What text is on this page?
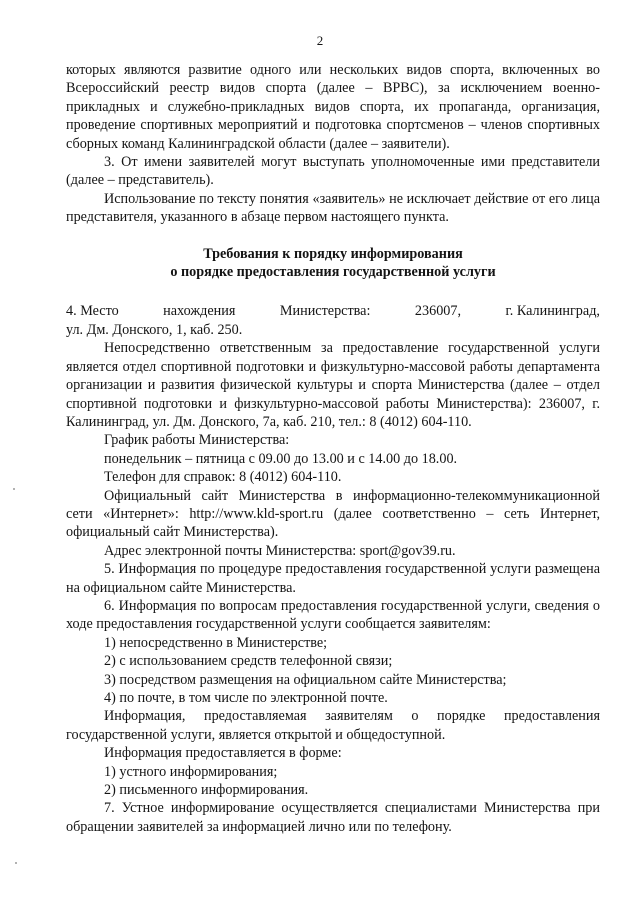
2

которых являются развитие одного или нескольких видов спорта, включенных во Всероссийский реестр видов спорта (далее – ВРВС), за исключением военно-прикладных и служебно-прикладных видов спорта, их пропаганда, организация, проведение спортивных мероприятий и подготовка спортсменов – членов спортивных сборных команд Калининградской области (далее – заявители).

3. От имени заявителей могут выступать уполномоченные ими представители (далее – представитель).

Использование по тексту понятия «заявитель» не исключает действие от его лица представителя, указанного в абзаце первом настоящего пункта.

Требования к порядку информирования
о порядке предоставления государственной услуги
4. Место	нахождения	Министерства:	236007,	г. Калининград,

ул. Дм. Донского, 1, каб. 250.

Непосредственно ответственным за предоставление государственной услуги является отдел спортивной подготовки и физкультурно-массовой работы департамента организации и развития физической культуры и спорта Министерства (далее – отдел спортивной подготовки и физкультурно-массовой работы Министерства): 236007, г. Калининград, ул. Дм. Донского, 7а, каб. 210, тел.: 8 (4012) 604-110.

График работы Министерства:

понедельник – пятница с 09.00 до 13.00 и с 14.00 до 18.00.

Телефон для справок: 8 (4012) 604-110.

Официальный сайт Министерства в информационно-телекоммуникационной сети «Интернет»: http://www.kld-sport.ru (далее соответственно – сеть Интернет, официальный сайт Министерства).

Адрес электронной почты Министерства: sport@gov39.ru.

5. Информация по процедуре предоставления государственной услуги размещена на официальном сайте Министерства.

6. Информация по вопросам предоставления государственной услуги, сведения о ходе предоставления государственной услуги сообщается заявителям:

1) непосредственно в Министерстве;

2) с использованием средств телефонной связи;

3) посредством размещения на официальном сайте Министерства;

4) по почте, в том числе по электронной почте.

Информация, предоставляемая заявителям о порядке предоставления государственной услуги, является открытой и общедоступной.

Информация предоставляется в форме:

1) устного информирования;

2) письменного информирования.

7. Устное информирование осуществляется специалистами Министерства при обращении заявителей за информацией лично или по телефону.
